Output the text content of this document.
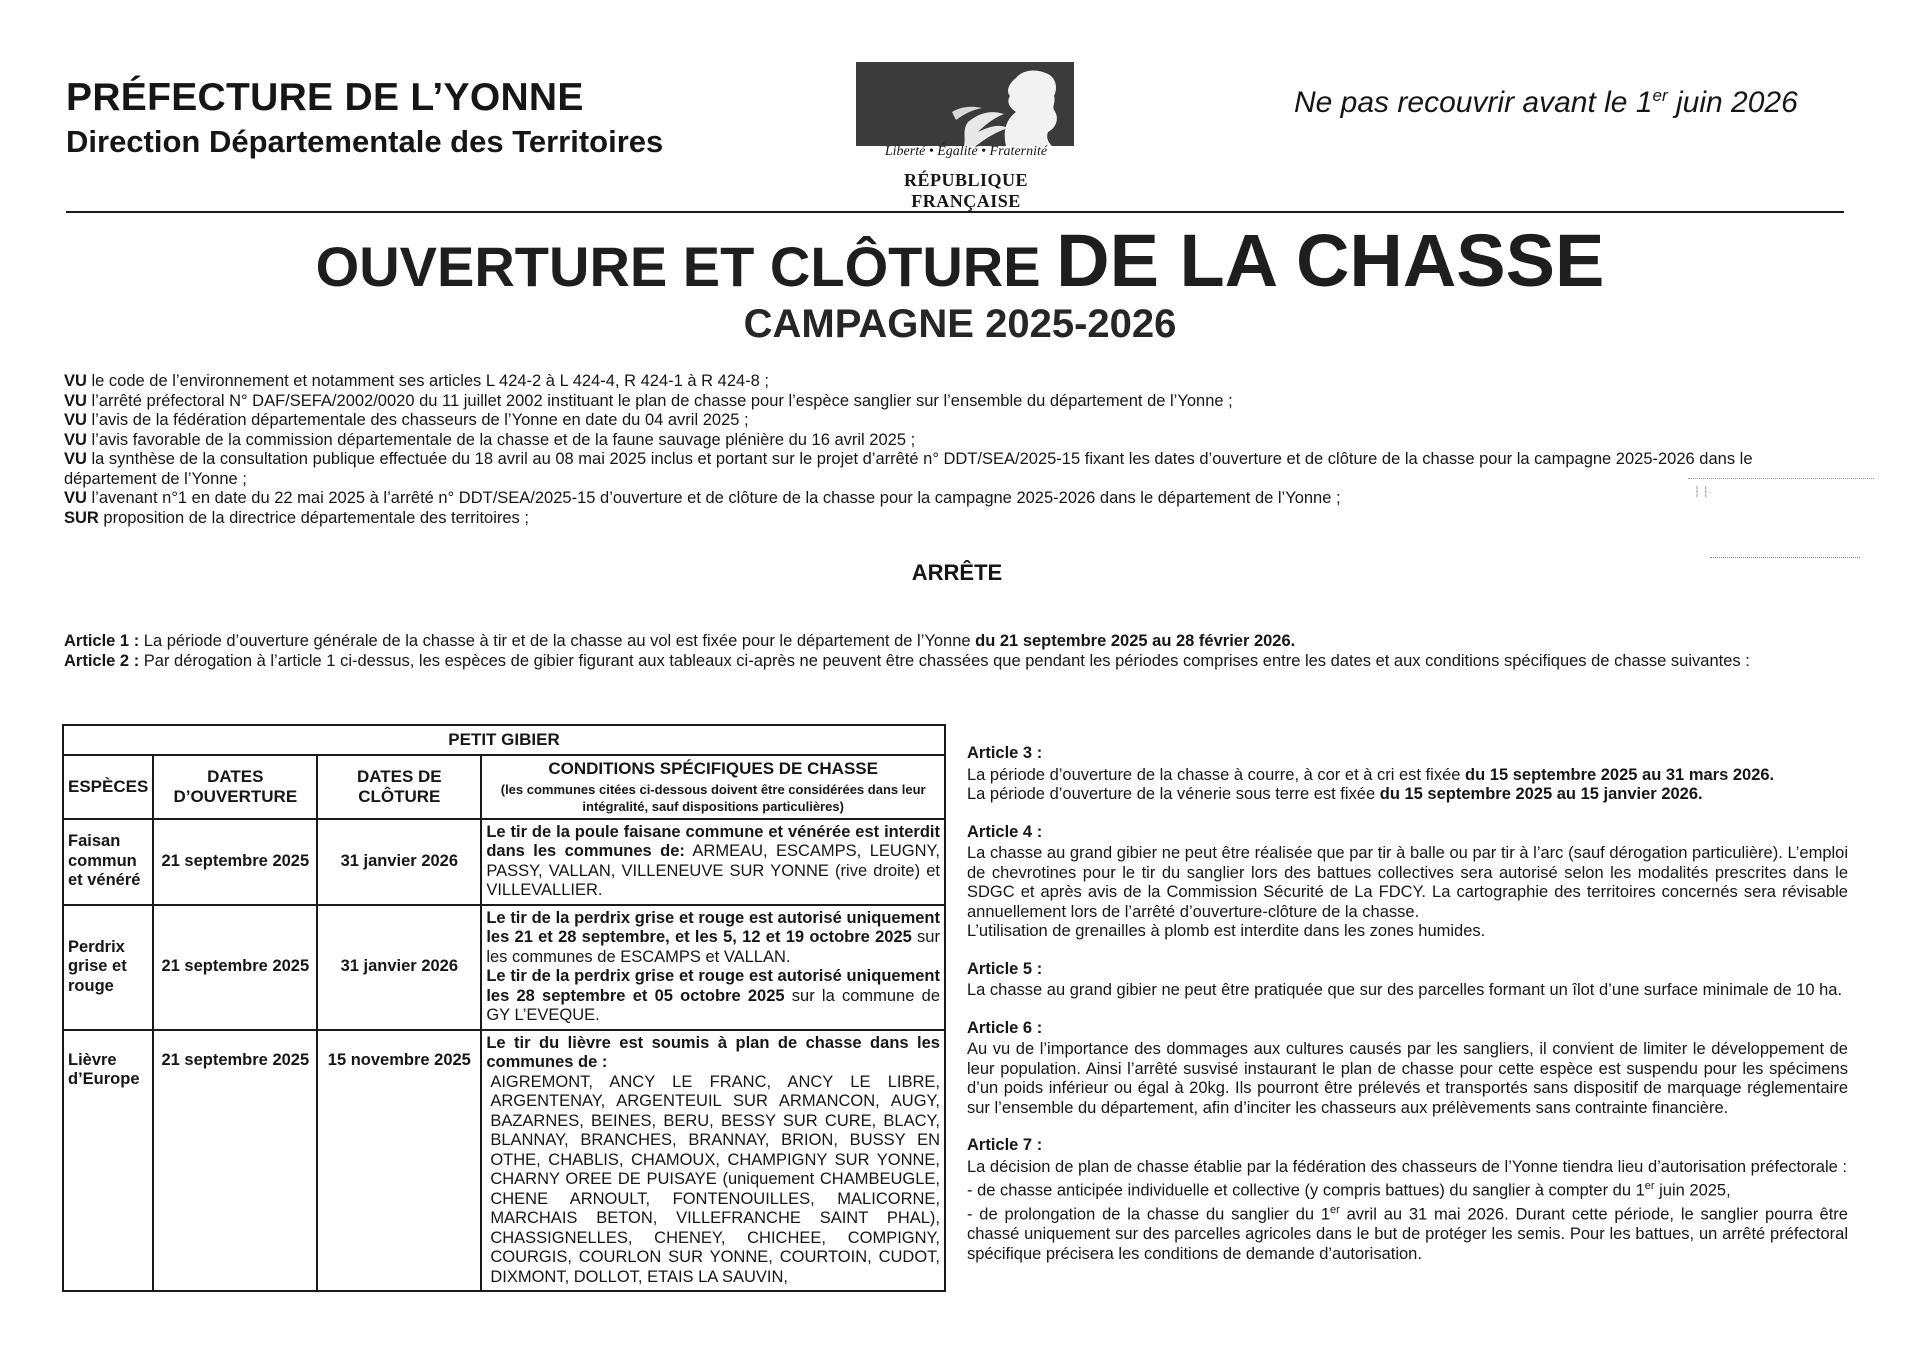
PRÉFECTURE DE L’YONNE
Direction Départementale des Territoires	Liberté • Égalité • Fraternité
RÉPUBLIQUE FRANÇAISE
Ne pas recouvrir avant le 1er juin 2026
OUVERTURE ET CLÔTURE DE LA CHASSE
CAMPAGNE 2025-2026
VU le code de l’environnement et notamment ses articles L 424-2 à L 424-4, R 424-1 à R 424-8 ;
VU l’arrêté préfectoral N° DAF/SEFA/2002/0020 du 11 juillet 2002 instituant le plan de chasse pour l’espèce sanglier sur l’ensemble du département de l’Yonne ;
VU l’avis de la fédération départementale des chasseurs de l’Yonne en date du 04 avril 2025 ;
VU l’avis favorable de la commission départementale de la chasse et de la faune sauvage plénière du 16 avril 2025 ;
VU la synthèse de la consultation publique effectuée du 18 avril au 08 mai 2025 inclus et portant sur le projet d’arrêté n° DDT/SEA/2025-15 fixant les dates d’ouverture et de clôture de la chasse pour la campagne 2025-2026 dans le département de l’Yonne ;
VU l’avenant n°1 en date du 22 mai 2025 à l’arrêté n° DDT/SEA/2025-15 d’ouverture et de clôture de la chasse pour la campagne 2025-2026 dans le département de l’Yonne ;
SUR proposition de la directrice départementale des territoires ;
┆ ┆
ARRÊTE
Article 1 : La période d’ouverture générale de la chasse à tir et de la chasse au vol est fixée pour le département de l’Yonne du 21 septembre 2025 au 28 février 2026.
Article 2 : Par dérogation à l’article 1 ci-dessus, les espèces de gibier figurant aux tableaux ci-après ne peuvent être chassées que pendant les périodes comprises entre les dates et aux conditions spécifiques de chasse suivantes :
PETIT GIBIER			
ESPÈCES	DATES D’OUVERTURE	DATES DE CLÔTURE	CONDITIONS SPÉCIFIQUES DE CHASSE
(les communes citées ci-dessous doivent être considérées dans leur intégralité, sauf dispositions particulières)

Faisan commun et vénéré	21 septembre 2025	31 janvier 2026	Le tir de la poule faisane commune et vénérée est interdit dans les communes de: ARMEAU, ESCAMPS, LEUGNY, PASSY, VALLAN, VILLENEUVE SUR YONNE (rive droite) et VILLEVALLIER.

Perdrix grise et rouge	21 septembre 2025	31 janvier 2026	Le tir de la perdrix grise et rouge est autorisé uniquement les 21 et 28 septembre, et les 5, 12 et 19 octobre 2025 sur les communes de ESCAMPS et VALLAN.

Le tir de la perdrix grise et rouge est autorisé uniquement les 28 septembre et 05 octobre 2025 sur la commune de GY L’EVEQUE.

Lièvre d’Europe	21 septembre 2025	15 novembre 2025	Le tir du lièvre est soumis à plan de chasse dans les communes de :

AIGREMONT, ANCY LE FRANC, ANCY LE LIBRE, ARGENTENAY, ARGENTEUIL SUR ARMANCON, AUGY, BAZARNES, BEINES, BERU, BESSY SUR CURE, BLACY, BLANNAY, BRANCHES, BRANNAY, BRION, BUSSY EN OTHE, CHABLIS, CHAMOUX, CHAMPIGNY SUR YONNE, CHARNY OREE DE PUISAYE (uniquement CHAMBEUGLE, CHENE ARNOULT, FONTENOUILLES, MALICORNE, MARCHAIS BETON, VILLEFRANCHE SAINT PHAL), CHASSIGNELLES, CHENEY, CHICHEE, COMPIGNY, COURGIS, COURLON SUR YONNE, COURTOIN, CUDOT, DIXMONT, DOLLOT, ETAIS LA SAUVIN,
Article 3 :

La période d’ouverture de la chasse à courre, à cor et à cri est fixée du 15 septembre 2025 au 31 mars 2026.

La période d’ouverture de la vénerie sous terre est fixée du 15 septembre 2025 au 15 janvier 2026.

Article 4 :

La chasse au grand gibier ne peut être réalisée que par tir à balle ou par tir à l’arc (sauf dérogation particulière). L’emploi de chevrotines pour le tir du sanglier lors des battues collectives sera autorisé selon les modalités prescrites dans le SDGC et après avis de la Commission Sécurité de La FDCY. La cartographie des territoires concernés sera révisable annuellement lors de l’arrêté d’ouverture-clôture de la chasse.

L’utilisation de grenailles à plomb est interdite dans les zones humides.

Article 5 :

La chasse au grand gibier ne peut être pratiquée que sur des parcelles formant un îlot d’une surface minimale de 10 ha.

Article 6 :

Au vu de l’importance des dommages aux cultures causés par les sangliers, il convient de limiter le développement de leur population. Ainsi l’arrêté susvisé instaurant le plan de chasse pour cette espèce est suspendu pour les spécimens d’un poids inférieur ou égal à 20kg. Ils pourront être prélevés et transportés sans dispositif de marquage réglementaire sur l’ensemble du département, afin d’inciter les chasseurs aux prélèvements sans contrainte financière.

Article 7 :

La décision de plan de chasse établie par la fédération des chasseurs de l’Yonne tiendra lieu d’autorisation préfectorale :

- de chasse anticipée individuelle et collective (y compris battues) du sanglier à compter du 1er juin 2025,

- de prolongation de la chasse du sanglier du 1er avril au 31 mai 2026. Durant cette période, le sanglier pourra être chassé uniquement sur des parcelles agricoles dans le but de protéger les semis. Pour les battues, un arrêté préfectoral spécifique précisera les conditions de demande d’autorisation.
